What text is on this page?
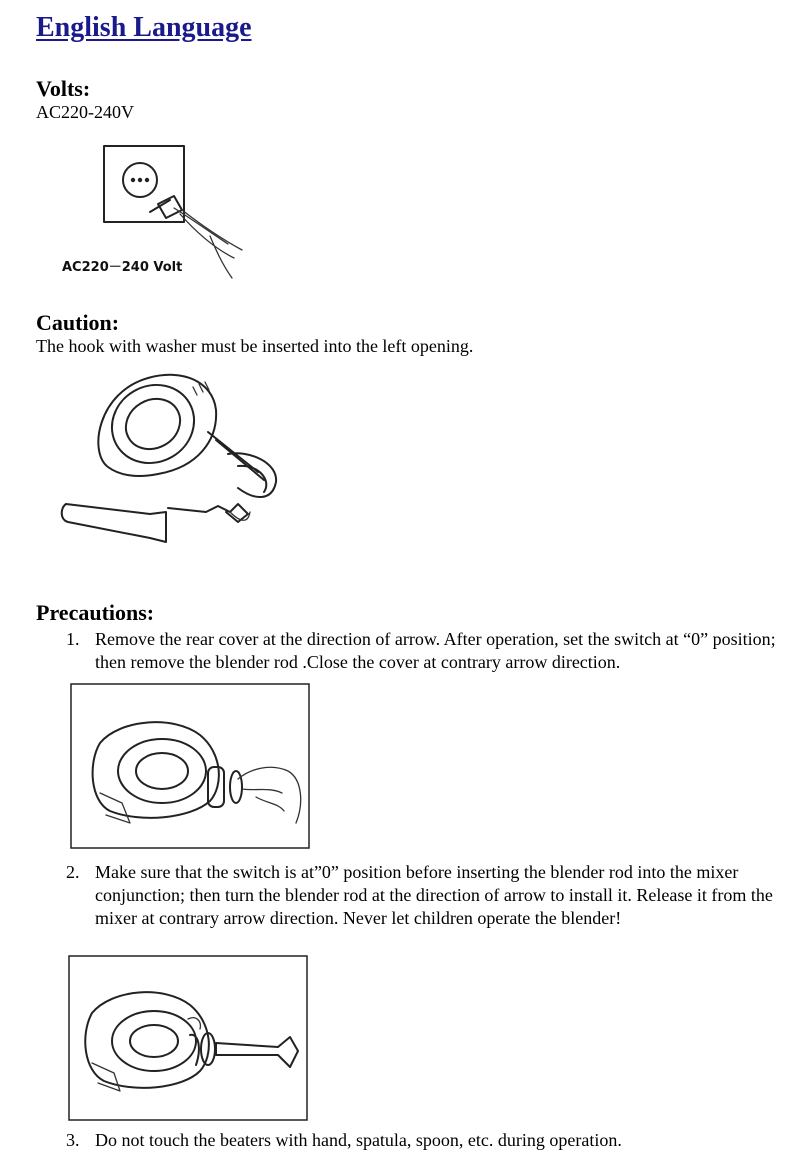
English Language
Volts:
AC220-240V
AC220－240 Volt
Caution:
The hook with washer must be inserted into the left opening.
Precautions:
1. Remove the rear cover at the direction of arrow. After operation, set the switch at “0” position; then remove the blender rod .Close the cover at contrary arrow direction.
2. Make sure that the switch is at”0” position before inserting the blender rod into the mixer conjunction; then turn the blender rod at the direction of arrow to install it. Release it from the mixer at contrary arrow direction. Never let children operate the blender!
3. Do not touch the beaters with hand, spatula, spoon, etc. during operation.
